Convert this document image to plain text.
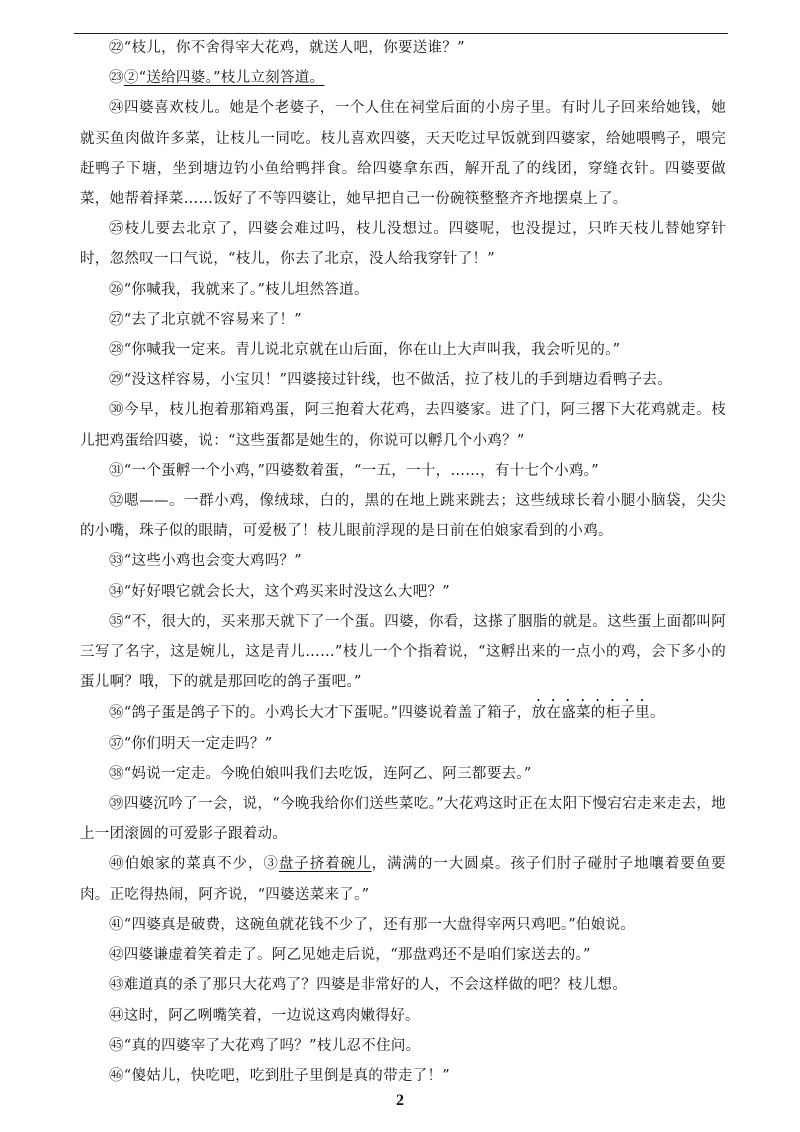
㉒“枝儿，你不舍得宰大花鸡，就送人吧，你要送谁？”

㉓②“送给四婆。”枝儿立刻答道。

㉔四婆喜欢枝儿。她是个老婆子，一个人住在祠堂后面的小房子里。有时儿子回来给她钱，她就买鱼肉做许多菜，让枝儿一同吃。枝儿喜欢四婆，天天吃过早饭就到四婆家，给她喂鸭子，喂完赶鸭子下塘，坐到塘边钓小鱼给鸭拌食。给四婆拿东西，解开乱了的线团，穿缝衣针。四婆要做菜，她帮着择菜……饭好了不等四婆让，她早把自己一份碗筷整整齐齐地摆桌上了。

㉕枝儿要去北京了，四婆会难过吗，枝儿没想过。四婆呢，也没提过，只昨天枝儿替她穿针时，忽然叹一口气说，“枝儿，你去了北京，没人给我穿针了！”

㉖“你喊我，我就来了。”枝儿坦然答道。

㉗“去了北京就不容易来了！”

㉘“你喊我一定来。青儿说北京就在山后面，你在山上大声叫我，我会听见的。”

㉙“没这样容易，小宝贝！”四婆接过针线，也不做活，拉了枝儿的手到塘边看鸭子去。

㉚今早，枝儿抱着那箱鸡蛋，阿三抱着大花鸡，去四婆家。进了门，阿三撂下大花鸡就走。枝儿把鸡蛋给四婆，说：“这些蛋都是她生的，你说可以孵几个小鸡？”

㉛“一个蛋孵一个小鸡，”四婆数着蛋，“一五，一十，……，有十七个小鸡。”

㉜嗯——。一群小鸡，像绒球，白的，黑的在地上跳来跳去；这些绒球长着小腿小脑袋，尖尖的小嘴，珠子似的眼睛，可爱极了！枝儿眼前浮现的是日前在伯娘家看到的小鸡。

㉝“这些小鸡也会变大鸡吗？”

㉞“好好喂它就会长大，这个鸡买来时没这么大吧？”

㉟“不，很大的，买来那天就下了一个蛋。四婆，你看，这搽了胭脂的就是。这些蛋上面都叫阿三写了名字，这是婉儿，这是青儿……”枝儿一个个指着说，“这孵出来的一点小的鸡，会下多小的蛋儿啊？哦，下的就是那回吃的鸽子蛋吧。”

㊱“鸽子蛋是鸽子下的。小鸡长大才下蛋呢。”四婆说着盖了箱子，放在盛菜的柜子里。

㊲“你们明天一定走吗？”

㊳“妈说一定走。今晚伯娘叫我们去吃饭，连阿乙、阿三都要去。”

㊴四婆沉吟了一会，说，“今晚我给你们送些菜吃。”大花鸡这时正在太阳下慢宕宕走来走去，地上一团滚圆的可爱影子跟着动。

㊵伯娘家的菜真不少，③盘子挤着碗儿，满满的一大圆桌。孩子们肘子碰肘子地嚷着要鱼要肉。正吃得热闹，阿齐说，“四婆送菜来了。”

㊶“四婆真是破费，这碗鱼就花钱不少了，还有那一大盘得宰两只鸡吧。”伯娘说。

㊷四婆谦虚着笑着走了。阿乙见她走后说，“那盘鸡还不是咱们家送去的。”

㊸难道真的杀了那只大花鸡了？四婆是非常好的人，不会这样做的吧？枝儿想。

㊹这时，阿乙咧嘴笑着，一边说这鸡肉嫩得好。

㊺“真的四婆宰了大花鸡了吗？”枝儿忍不住问。

㊻“傻姑儿，快吃吧，吃到肚子里倒是真的带走了！”

2
